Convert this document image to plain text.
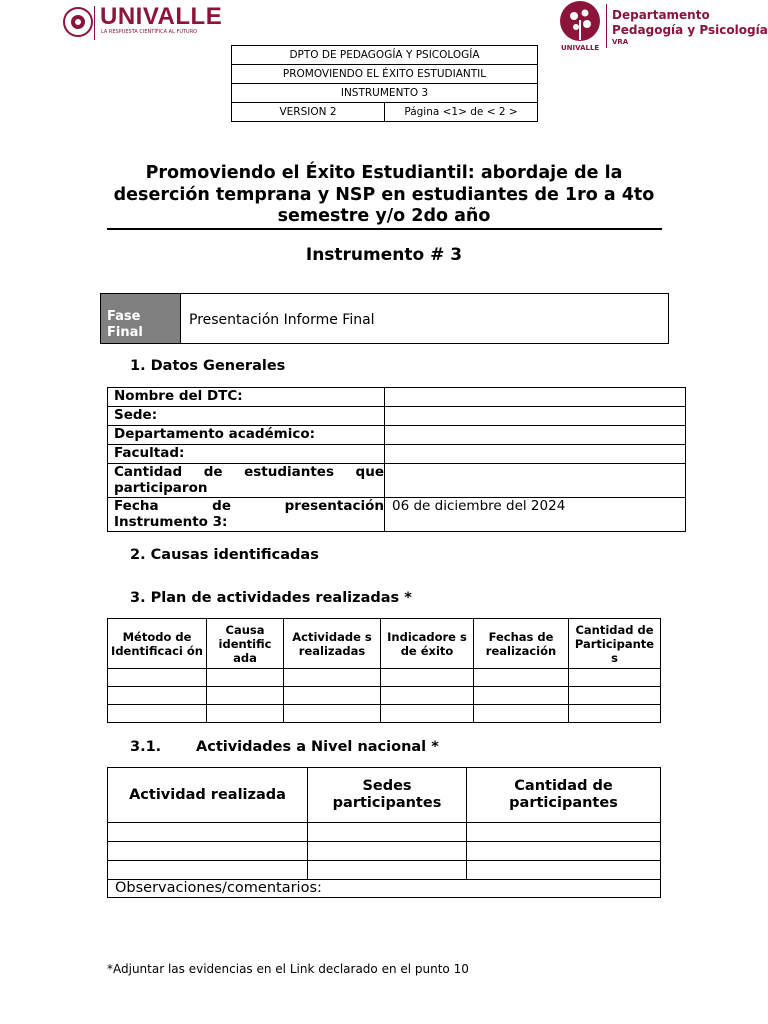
UNIVALLE
LA RESPUESTA CIENTÍFICA AL FUTURO
UNIVALLE
Departamento
Pedagogía y Psicología
VRA
DPTO DE PEDAGOGÍA Y PSICOLOGÍA
PROMOVIENDO EL ÉXITO ESTUDIANTIL
INSTRUMENTO 3
VERSION 2	Página <1> de < 2 >
Promoviendo el Éxito Estudiantil: abordaje de la deserción temprana y NSP en estudiantes de 1ro a 4to semestre y/o 2do año
Instrumento # 3
Fase Final
Presentación Informe Final
1. Datos Generales
Nombre del DTC:	
Sede:	
Departamento académico:	
Facultad:	
Cantidad de estudiantes que participaron	
Fecha de presentación Instrumento 3:	06 de diciembre del 2024
2. Causas identificadas
3. Plan de actividades realizadas *
Método de Identificaci ón	Causa identific ada	Actividade s realizadas	Indicadore s de éxito	Fechas de realización	Cantidad de Participante s

3.1. Actividades a Nivel nacional *
Actividad realizada	Sedes participantes	Cantidad de participantes

Observaciones/comentarios:		
*Adjuntar las evidencias en el Link declarado en el punto 10
